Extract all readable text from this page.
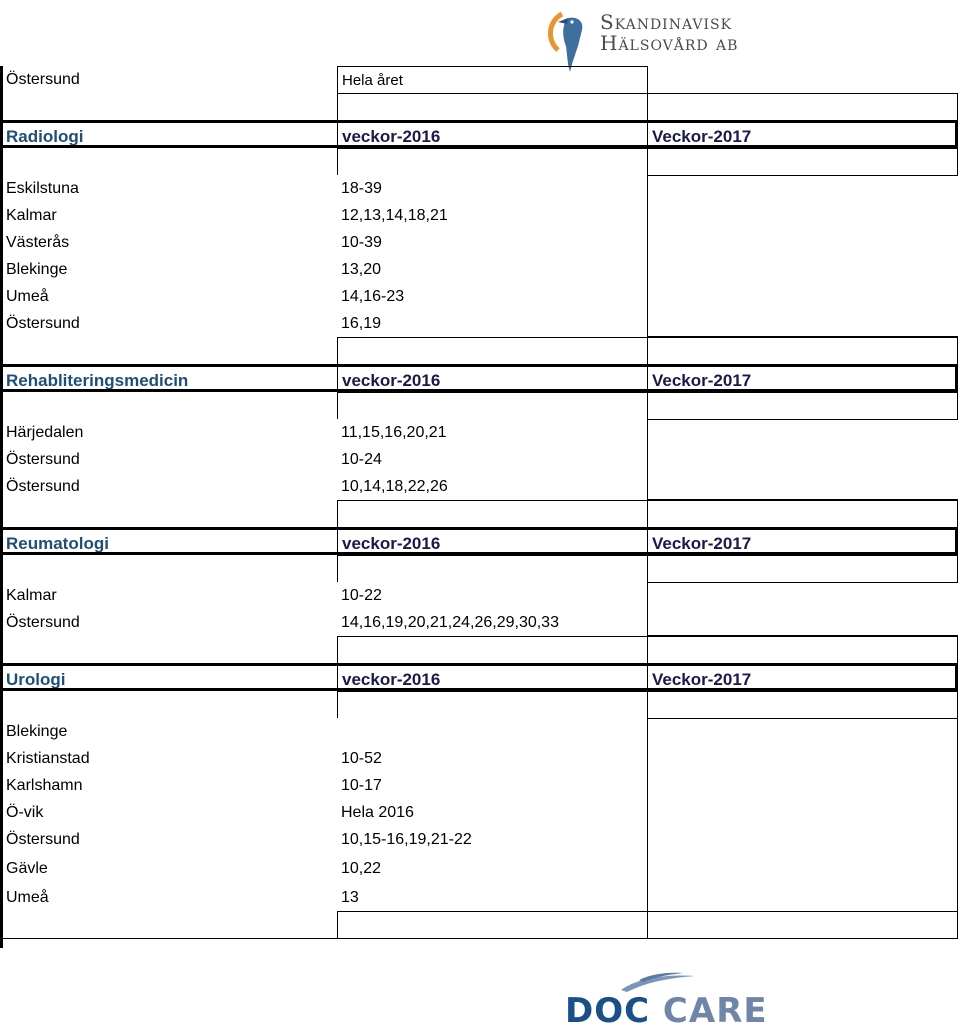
Skandinavisk
Hälsovård ab
Östersund	Hela året
Radiologi	veckor-2016	Veckor-2017
Eskilstuna	18-39
Kalmar	12,13,14,18,21
Västerås	10-39
Blekinge	13,20
Umeå	14,16-23
Östersund	16,19
Rehabliteringsmedicin	veckor-2016	Veckor-2017
Härjedalen	11,15,16,20,21
Östersund	10-24
Östersund	10,14,18,22,26
Reumatologi	veckor-2016	Veckor-2017
Kalmar	10-22
Östersund	14,16,19,20,21,24,26,29,30,33
Urologi	veckor-2016	Veckor-2017
Blekinge
Kristianstad	10-52
Karlshamn	10-17
Ö-vik	Hela 2016
Östersund	10,15-16,19,21-22
Gävle	10,22
Umeå	13
DOC CARE
